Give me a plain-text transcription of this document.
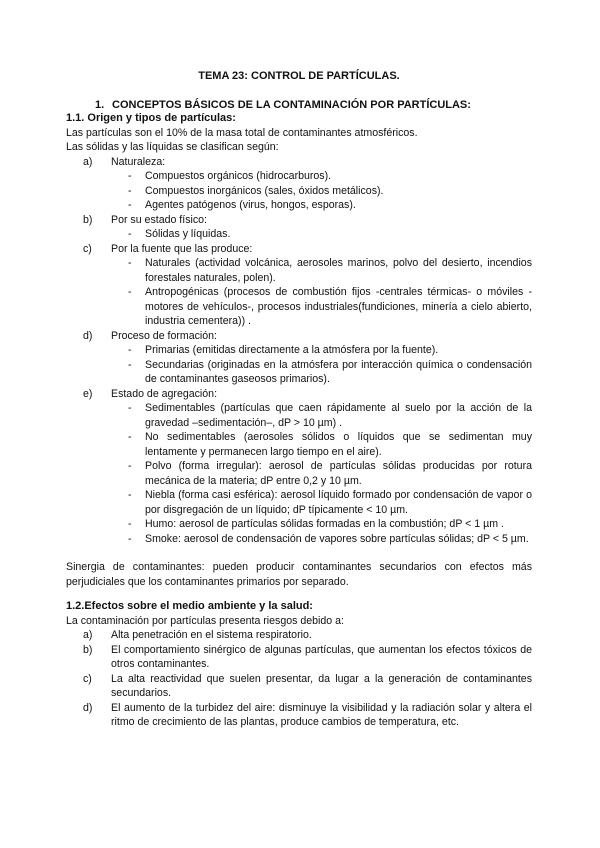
TEMA 23: CONTROL DE PARTÍCULAS.
1. CONCEPTOS BÁSICOS DE LA CONTAMINACIÓN POR PARTÍCULAS:
1.1. Origen y tipos de partículas:

Las partículas son el 10% de la masa total de contaminantes atmosféricos.

Las sólidas y las líquidas se clasifican según:

a)	Naturaleza:
-	Compuestos orgánicos (hidrocarburos).
-	Compuestos inorgánicos (sales, óxidos metálicos).
-	Agentes patógenos (virus, hongos, esporas).
b)	Por su estado físico:
-	Sólidas y líquidas.
c)	Por la fuente que las produce:
-	Naturales (actividad volcánica, aerosoles marinos, polvo del desierto, incendios forestales naturales, polen).
-	Antropogénicas (procesos de combustión fijos -centrales térmicas- o móviles -motores de vehículos-, procesos industriales(fundiciones, minería a cielo abierto, industria cementera)) .
d)	Proceso de formación:
-	Primarias (emitidas directamente a la atmósfera por la fuente).
-	Secundarias (originadas en la atmósfera por interacción química o condensación de contaminantes gaseosos primarios).
e)	Estado de agregación:
-	Sedimentables (partículas que caen rápidamente al suelo por la acción de la gravedad –sedimentación–, dP > 10 µm) .
-	No sedimentables (aerosoles sólidos o líquidos que se sedimentan muy lentamente y permanecen largo tiempo en el aire).
-	Polvo (forma irregular): aerosol de partículas sólidas producidas por rotura mecánica de la materia; dP entre 0,2 y 10 µm.
-	Niebla (forma casi esférica): aerosol líquido formado por condensación de vapor o por disgregación de un líquido; dP típicamente < 10 µm.
-	Humo: aerosol de partículas sólidas formadas en la combustión; dP < 1 µm .
-	Smoke: aerosol de condensación de vapores sobre partículas sólidas; dP < 5 µm.

Sinergia de contaminantes: pueden producir contaminantes secundarios con efectos más perjudiciales que los contaminantes primarios por separado.

1.2.Efectos sobre el medio ambiente y la salud:

La contaminación por partículas presenta riesgos debido a:

a)	Alta penetración en el sistema respiratorio.
b)	El comportamiento sinérgico de algunas partículas, que aumentan los efectos tóxicos de otros contaminantes.
c)	La alta reactividad que suelen presentar, da lugar a la generación de contaminantes secundarios.
d)	El aumento de la turbidez del aire: disminuye la visibilidad y la radiación solar y altera el ritmo de crecimiento de las plantas, produce cambios de temperatura, etc.
